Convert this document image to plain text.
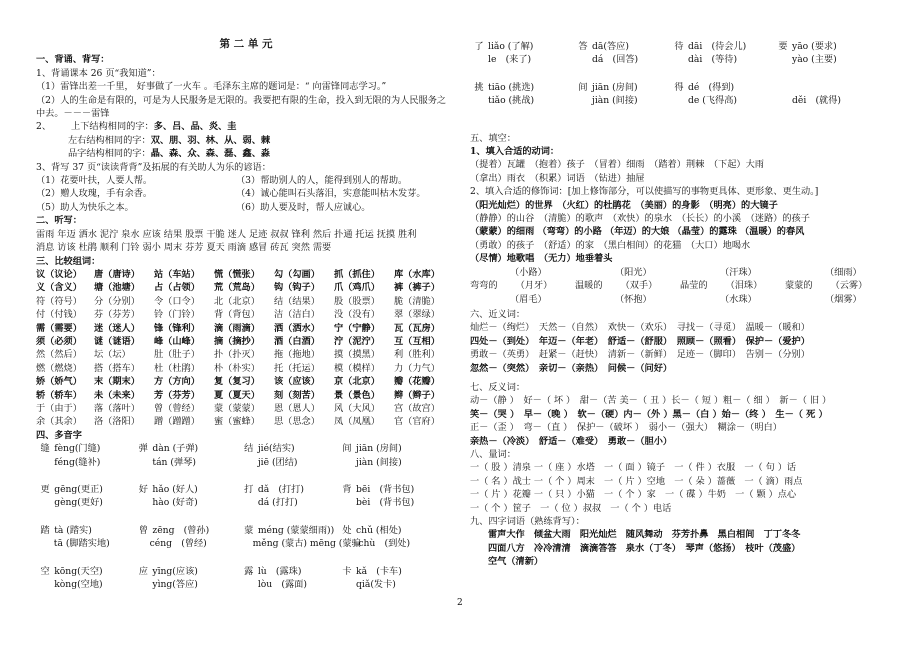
第 二 单 元
一、背诵、背写：
1、背诵课本 26 页“我知道”：
（1）雷锋出差一千里， 好事做了一火车 。毛泽东主席的题词是：“ 向雷锋同志学习。”
（2）人的生命是有限的，可是为人民服务是无限的。我要把有限的生命，投入到无限的为人民服务之
中去。－－－雷锋
2、 上下结构相同的字：多、吕、品、炎、圭
左右结构相同的字：双、朋、羽、林、从、弱、棘
品字结构相同的字：晶、森、众、森、磊、鑫、淼
3、背写 37 页“读读背背”及拓展的有关助人为乐的谚语：
（1）花要叶扶，人要人帮。	（3）帮助别人的人，能得到别人的帮助。
（2）赠人玫瑰，手有余香。	（4）诚心能叫石头落泪，实意能叫枯木发芽。
（5）助人为快乐之本。	（6）助人要及时，帮人应诚心。
二、听写：
雷雨 年迈 洒水 泥泞 泉水 应该 结果 股票 干脆 迷人 足迹 叔叔 锋利 然后 扑通 托运 抚摸 胜利
消息 访该 杜鹃 顺利 门铃 弱小 周末 芬芳 夏天 雨滴 感冒 砖瓦 突然 需要
三、比较组词：
议（议论）	唐（唐诗）	站（车站）	慌（慌张）	勾（勾画）	抓（抓住）	库（水库）
义（含义）	塘（池塘）	占（占领）	荒（荒岛）	钩（钩子）	爪（鸡爪）	裤（裤子）
符（符号）	分（分别）	令（口令）	北（北京）	结（结果）	股（股票）	脆（清脆）
付（付钱）	芬（芬芳）	铃（门铃）	背（背包）	洁（洁白）	没（没有）	翠（翠绿）
需（需要）	迷（迷人）	锋（锋利）	滴（雨滴）	洒（洒水）	宁（宁静）	瓦（瓦房）
须（必须）	谜（谜语）	峰（山峰）	摘（摘抄）	酒（白酒）	泞（泥泞）	互（互相）
然（然后）	坛（坛）	肚（肚子）	扑（扑灭）	拖（拖地）	摸（摸黑）	利（胜利）
燃（燃烧）	搭（搭车）	杜（杜鹃）	朴（朴实）	托（托运）	模（模样）	力（力气）
娇（娇气）	末（期末）	方（方向）	复（复习）	该（应该）	京（北京）	瓣（花瓣）
轿（轿车）	未（未来）	芳（芬芳）	夏（夏天）	刻（刻苦）	景（景色）	辫（辫子）
于（由于）	落（落叶）	曾（曾经）	蒙（蒙蒙）	恩（恩人）	风（大风）	宫（故宫）
余（其余）	洛（洛阳）	蹭（蹭蹭）	蜜（蜜蜂）	思（思念）	凤（凤凰）	官（官府）
四、多音字
缝 fèng(门缝)	弹 dàn (子弹)	结 jié(结实)	间 jiān (房间)
féng(缝补)	tán (弹琴)	jiē (团结)	jiàn (间接)
更 gēng(更正)	好 hǎo (好人)	打 dǎ　(打打)	背 bēi　(背书包)
gèng(更好)	hào (好奇)	dá (打打)	bèi　(背书包)
踏 tà (踏实)	曾 zēng　(曾孙)	蒙 méng (蒙蒙细雨)) 处 chǔ (相处)
tā (脚踏实地)	céng　(曾经)	měng (蒙古) mēng (蒙骗
chù　(到处)
空 kōng(天空)	应 yīng(应该)	露 lù　(露珠)	卡 kǎ　(卡车)
kòng(空地)	yìng(答应)	lòu　(露面)	qiǎ(发卡)
了 liǎo (了解)	答 dā(答应)	待 dāi　(待会儿)	要 yāo (要求)
le　(来了)	dá　(回答)	dài　(等待)	yào (主要)
挑 tiāo (挑选)	间 jiān (房间)	得 dé　(得到)
tiǎo (挑战)	jiàn (间接)	de (飞得高)	děi　(就得)
五、填空：
1、填入合适的动词：
（提着）瓦罐　（抱着）孩子　（冒着）细雨　（踏着）荆棘　（下起）大雨
（拿出）雨衣　（积累）词语　（钻进）抽屉
2、填入合适的修饰词：[加上修饰部分，可以使描写的事物更具体、更形象、更生动。]
（阳光灿烂）的世界　（火红）的杜鹃花　（美丽）的身影　（明亮）的大镜子
（静静）的山谷　（清脆）的歌声　（欢快）的泉水　（长长）的小溪　（迷路）的孩子
（蒙蒙）的细雨 （弯弯）的小路 （年迈）的大娘 （晶莹）的露珠 （温暖）的春风
（勇敢）的孩子　（舒适）的家　（黑白相间）的花猫　（大口）地喝水
（尽情）地歌唱　（无力）地垂着头
（小路）	（阳光）	（汗珠）	（细雨）
弯弯的	（月牙）	温暖的	（双手）	晶莹的	（泪珠）	蒙蒙的	（云雾）
（眉毛）	（怀抱）	（水珠）	（烟雾）
六、近义词：
灿烂－（绚烂）　天然－（自然）　欢快－（欢乐）　寻找－（寻觅）　温暖－（暖和）
四处－（到处）　年迈－（年老）　舒适－（舒服）　照顾－（照看）　保护－（爱护）
勇敢－（英勇）　赶紧－（赶快）　清新－（新鲜）　足迹－（脚印）　告别－（分别）
忽然－（突然）　亲切－（亲热）　问候－（问好）
七、反义词：
动－（静 ）　好－（ 坏 ）　甜－（苦 美－（ 丑 ）长－（ 短 ）粗－（ 细 ）　新－（ 旧 ）
笑－（哭 ）　早－（晚 ）　软－（硬）内－（外 ）黑－（白 ）始－（终 ）　生－（ 死 ）
正－（歪 ）　弯－（直 ）　保护－（破坏 ）　弱小－（强大）　糊涂－（明白）
亲热－（冷淡）　舒适－（难受）　勇敢－（胆小）
八、量词：
一（ 股 ）清泉 一（ 座 ）水塔　一（ 面 ）镜子　一（ 件 ）衣服　一（ 句 ）话
一（ 名 ）战士 一（ 个 ）周末　一（ 片 ）空地　一（ 朵 ）蔷薇　一（ 滴）雨点
一（ 片 ）花瓣 一（ 只 ）小猫　一（ 个 ）家　一（ 碟 ）牛奶　一（ 颗 ）点心
一（ 个 ）筐子　一（ 位 ）叔叔　一（ 个 ）电话
九、四字词语（熟练背写）：
雷声大作　倾盆大雨　阳光灿烂　随风舞动　芬芳扑鼻　黑白相间　丁丁冬冬
四面八方　冷冷清清　滴滴答答　泉水（丁冬）　琴声（悠扬）　枝叶（茂盛）
空气（清新）
2
